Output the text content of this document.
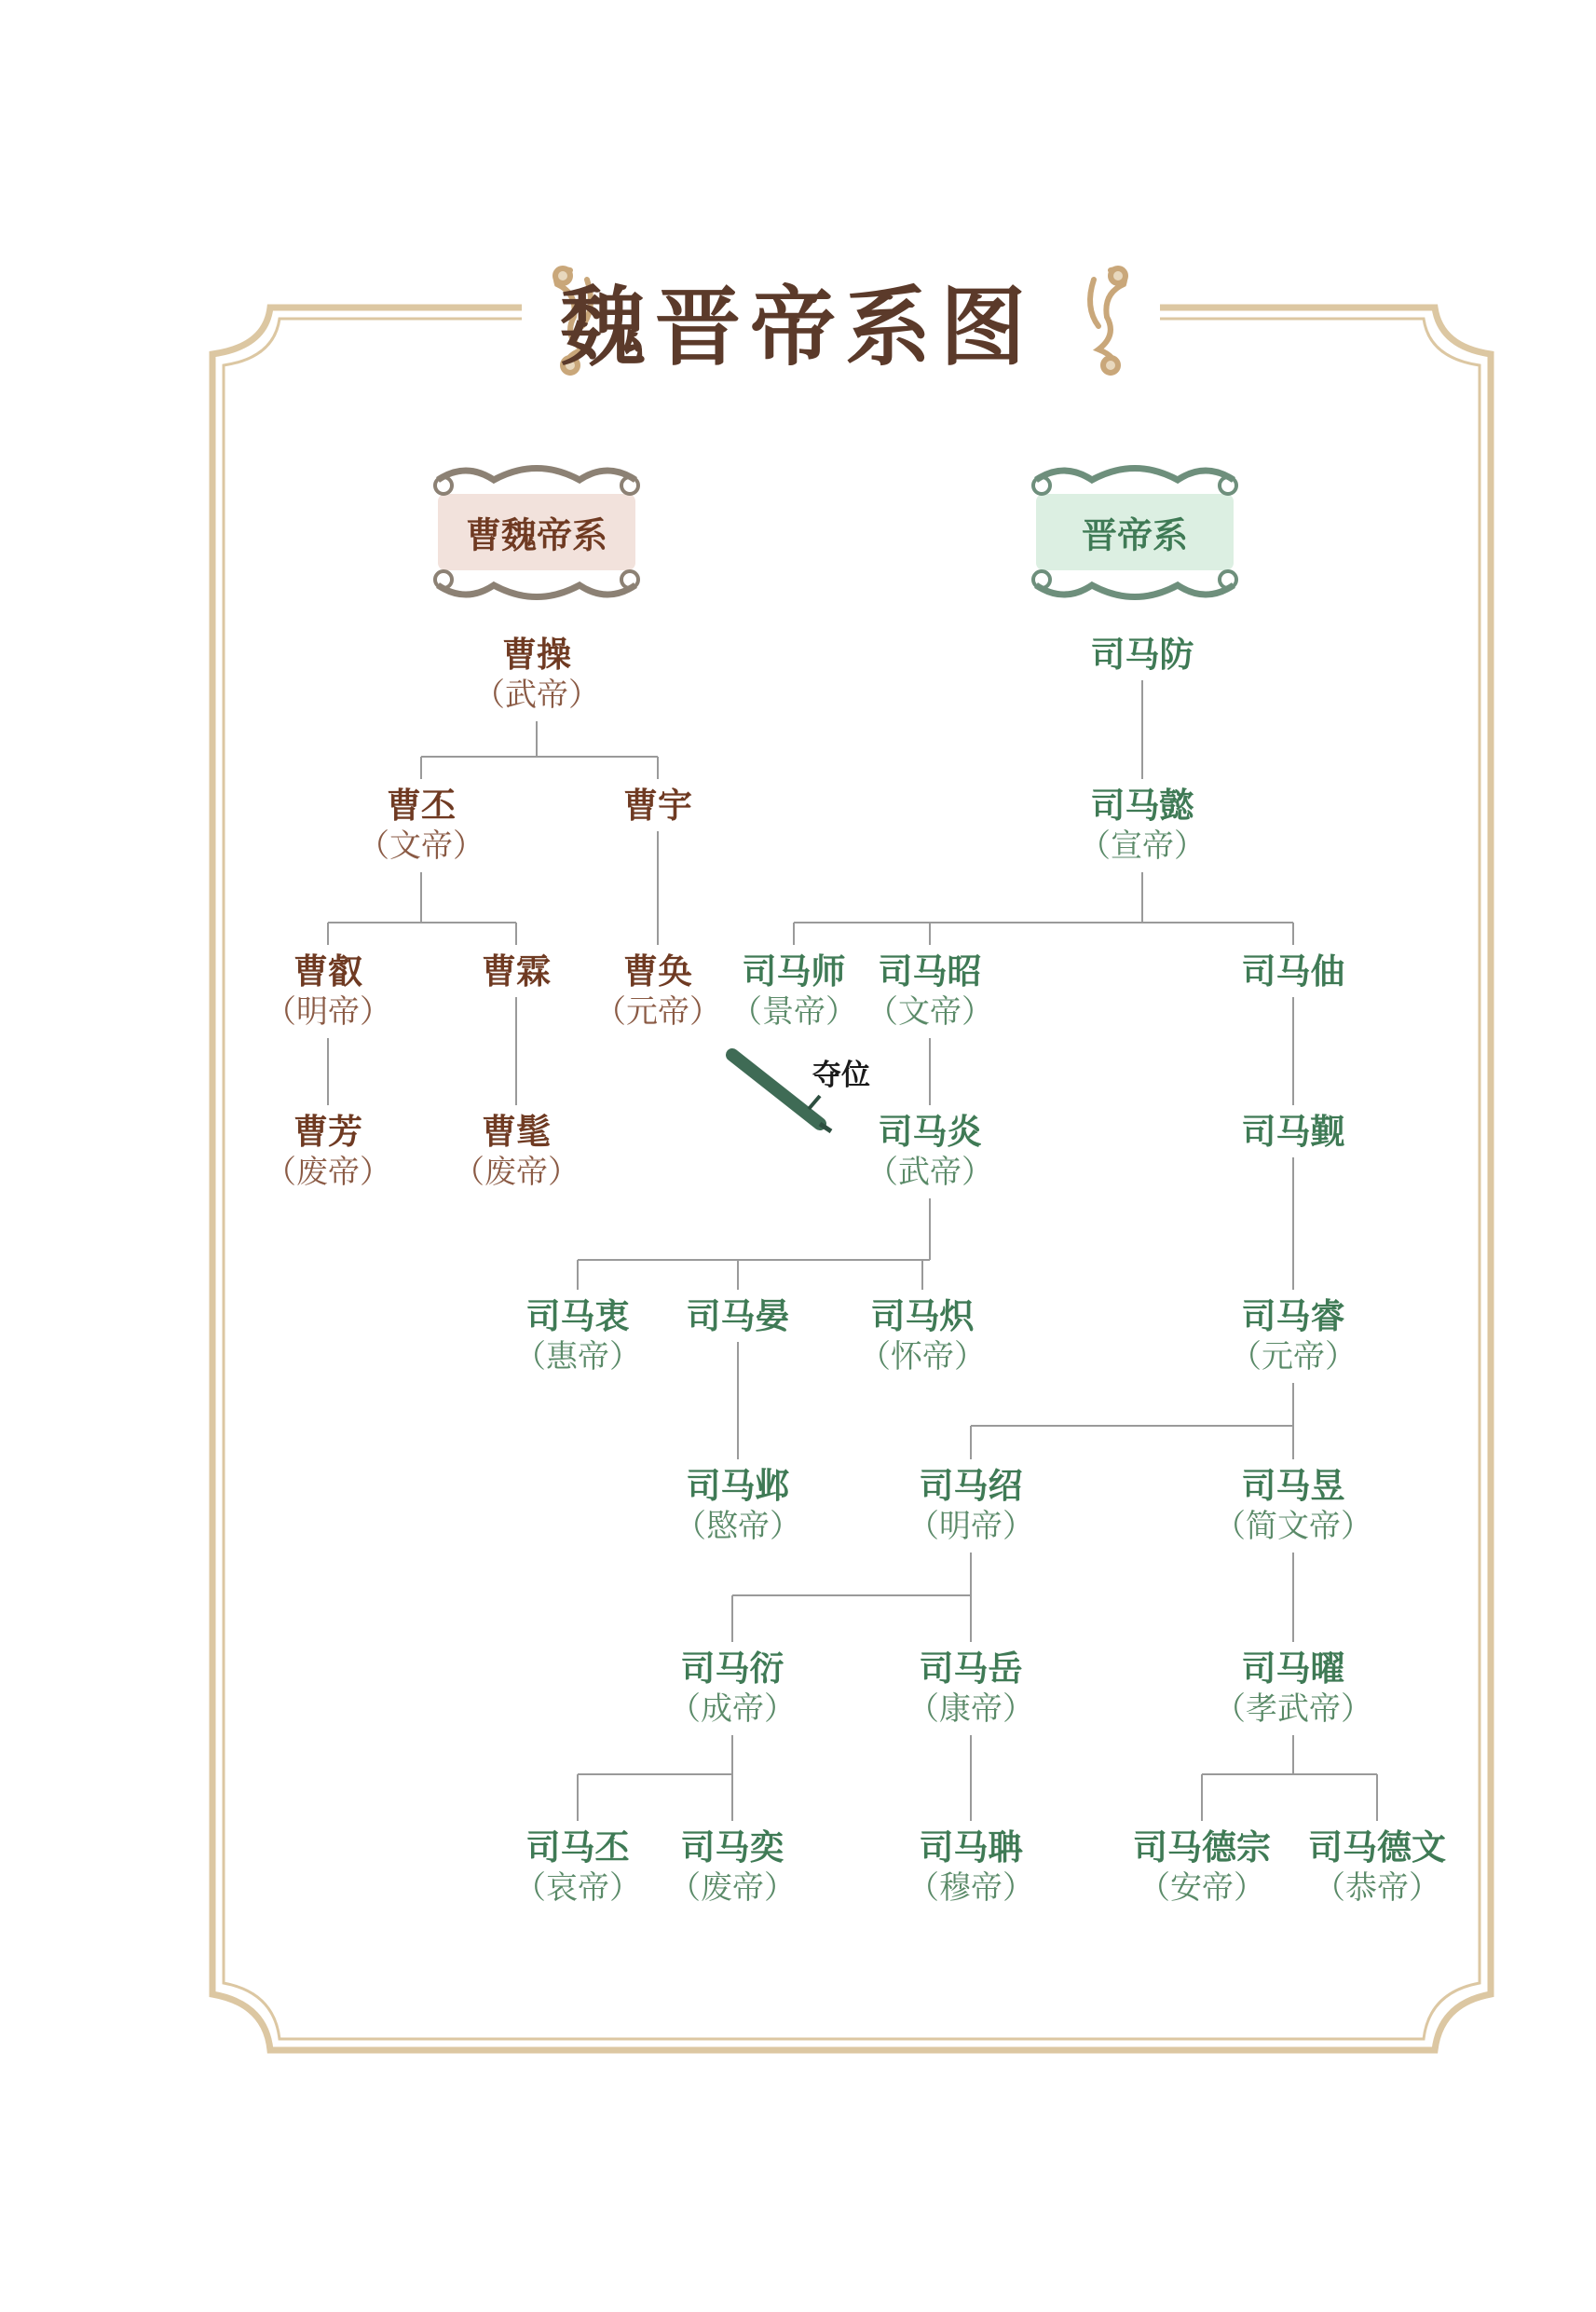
魏晋帝系图
曹魏帝系	晋帝系
夺位
曹操
（武帝）
曹丕
（文帝）
曹宇
曹叡
（明帝）
曹霖	曹奂
（元帝）
曹芳
（废帝）
曹髦
（废帝）
司马防
司马懿
（宣帝）
司马师
（景帝）
司马昭
（文帝）
司马伷
司马炎
（武帝）
司马觐
司马衷
（惠帝）
司马晏	司马炽
（怀帝）
司马睿
（元帝）
司马邺
（愍帝）
司马绍
（明帝）
司马昱
（简文帝）
司马衍
（成帝）
司马岳
（康帝）
司马曜
（孝武帝）
司马丕
（哀帝）
司马奕
（废帝）
司马聃
（穆帝）
司马德宗
（安帝）
司马德文
（恭帝）
